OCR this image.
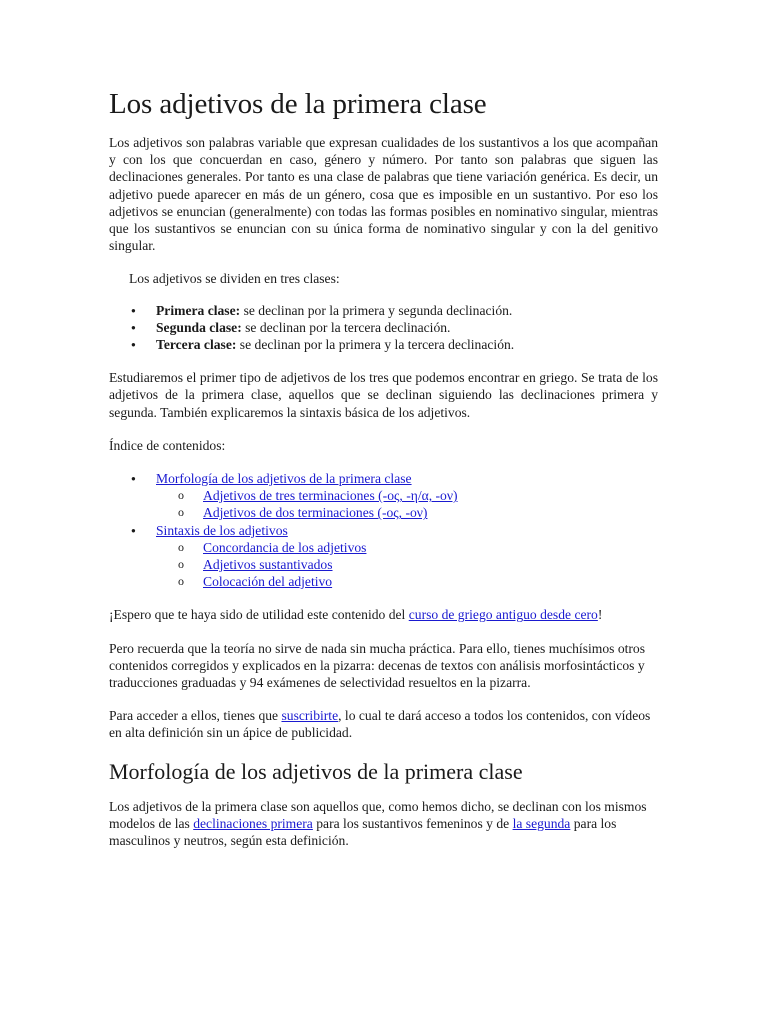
Los adjetivos de la primera clase

Los adjetivos son palabras variable que expresan cualidades de los sustantivos a los que acompañan y con los que concuerdan en caso, género y número. Por tanto son palabras que siguen las declinaciones generales. Por tanto es una clase de palabras que tiene variación genérica. Es decir, un adjetivo puede aparecer en más de un género, cosa que es imposible en un sustantivo. Por eso los adjetivos se enuncian (generalmente) con todas las formas posibles en nominativo singular, mientras que los sustantivos se enuncian con su única forma de nominativo singular y con la del genitivo singular.

Los adjetivos se dividen en tres clases:

● Primera clase: se declinan por la primera y segunda declinación.
● Segunda clase: se declinan por la tercera declinación.
● Tercera clase: se declinan por la primera y la tercera declinación.

Estudiaremos el primer tipo de adjetivos de los tres que podemos encontrar en griego. Se trata de los adjetivos de la primera clase, aquellos que se declinan siguiendo las declinaciones primera y segunda. También explicaremos la sintaxis básica de los adjetivos.

Índice de contenidos:

● Morfología de los adjetivos de la primera clase
o Adjetivos de tres terminaciones (-ος, -η/α, -ον)
o Adjetivos de dos terminaciones (-ος, -ον)
● Sintaxis de los adjetivos
o Concordancia de los adjetivos
o Adjetivos sustantivados
o Colocación del adjetivo

¡Espero que te haya sido de utilidad este contenido del curso de griego antiguo desde cero!

Pero recuerda que la teoría no sirve de nada sin mucha práctica. Para ello, tienes muchísimos otros contenidos corregidos y explicados en la pizarra: decenas de textos con análisis morfosintácticos y traducciones graduadas y 94 exámenes de selectividad resueltos en la pizarra.

Para acceder a ellos, tienes que suscribirte, lo cual te dará acceso a todos los contenidos, con vídeos en alta definición sin un ápice de publicidad.

Morfología de los adjetivos de la primera clase

Los adjetivos de la primera clase son aquellos que, como hemos dicho, se declinan con los mismos modelos de las declinaciones primera para los sustantivos femeninos y de la segunda para los masculinos y neutros, según esta definición.
